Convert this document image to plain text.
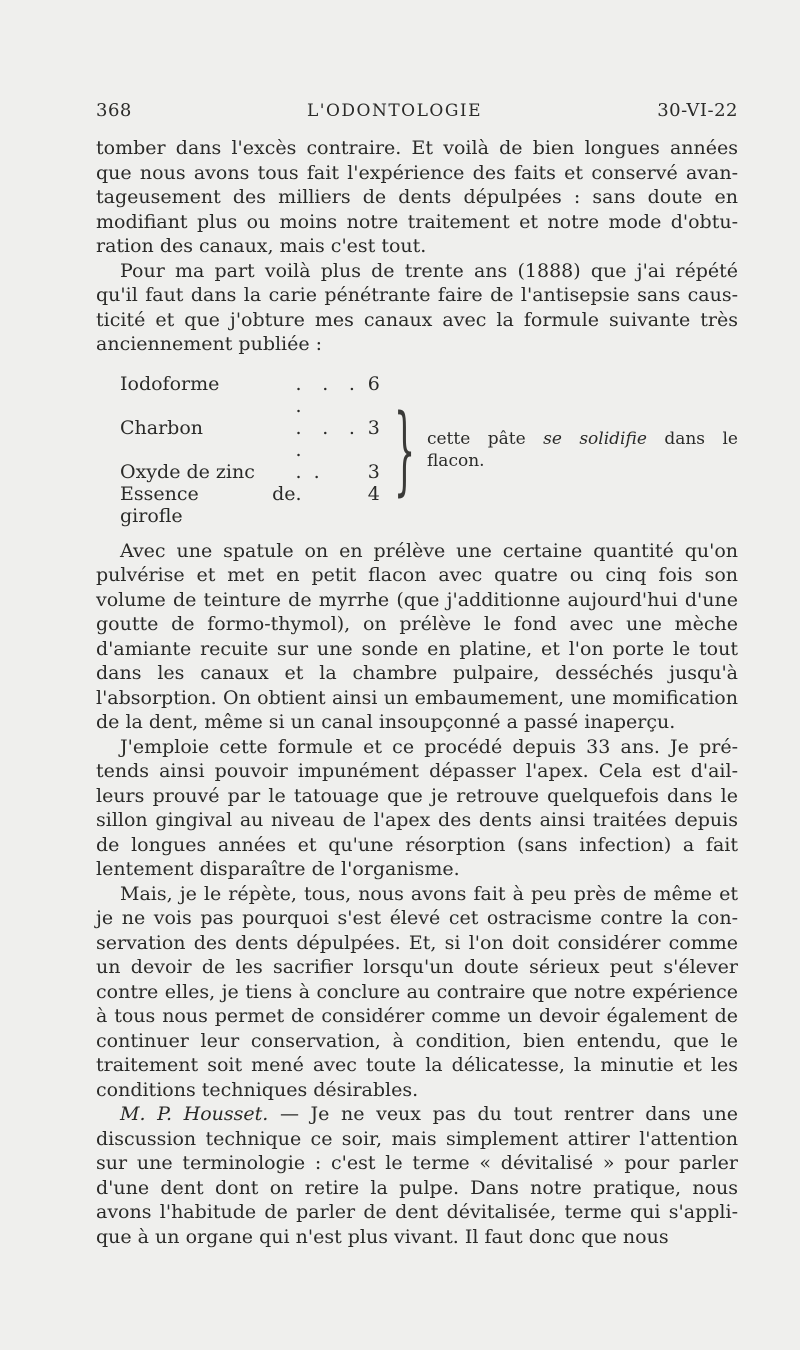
368	L'ODONTOLOGIE	30-VI-22

tomber dans l'excès contraire. Et voilà de bien longues années que nous avons tous fait l'expérience des faits et conservé avantageusement des milliers de dents dépulpées : sans doute en modifiant plus ou moins notre traitement et notre mode d'obturation des canaux, mais c'est tout.

Pour ma part voilà plus de trente ans (1888) que j'ai répété qu'il faut dans la carie pénétrante faire de l'antisepsie sans causticité et que j'obture mes canaux avec la formule suivante très anciennement publiée :

Iodoforme	. . . .	6
Charbon	. . . .	3
Oxyde de zinc	. .	3
Essence de girofle	.	4 } cette pâte se solidifie dans le flacon.

Avec une spatule on en prélève une certaine quantité qu'on pulvérise et met en petit flacon avec quatre ou cinq fois son volume de teinture de myrrhe (que j'additionne aujourd'hui d'une goutte de formo-thymol), on prélève le fond avec une mèche d'amiante recuite sur une sonde en platine, et l'on porte le tout dans les canaux et la chambre pulpaire, desséchés jusqu'à l'absorption. On obtient ainsi un embaumement, une momification de la dent, même si un canal insoupçonné a passé inaperçu.

J'emploie cette formule et ce procédé depuis 33 ans. Je prétends ainsi pouvoir impunément dépasser l'apex. Cela est d'ailleurs prouvé par le tatouage que je retrouve quelquefois dans le sillon gingival au niveau de l'apex des dents ainsi traitées depuis de longues années et qu'une résorption (sans infection) a fait lentement disparaître de l'organisme.

Mais, je le répète, tous, nous avons fait à peu près de même et je ne vois pas pourquoi s'est élevé cet ostracisme contre la conservation des dents dépulpées. Et, si l'on doit considérer comme un devoir de les sacrifier lorsqu'un doute sérieux peut s'élever contre elles, je tiens à conclure au contraire que notre expérience à tous nous permet de considérer comme un devoir également de continuer leur conservation, à condition, bien entendu, que le traitement soit mené avec toute la délicatesse, la minutie et les conditions techniques désirables.

M. P. Housset. — Je ne veux pas du tout rentrer dans une discussion technique ce soir, mais simplement attirer l'attention sur une terminologie : c'est le terme « dévitalisé » pour parler d'une dent dont on retire la pulpe. Dans notre pratique, nous avons l'habitude de parler de dent dévitalisée, terme qui s'applique à un organe qui n'est plus vivant. Il faut donc que nous
